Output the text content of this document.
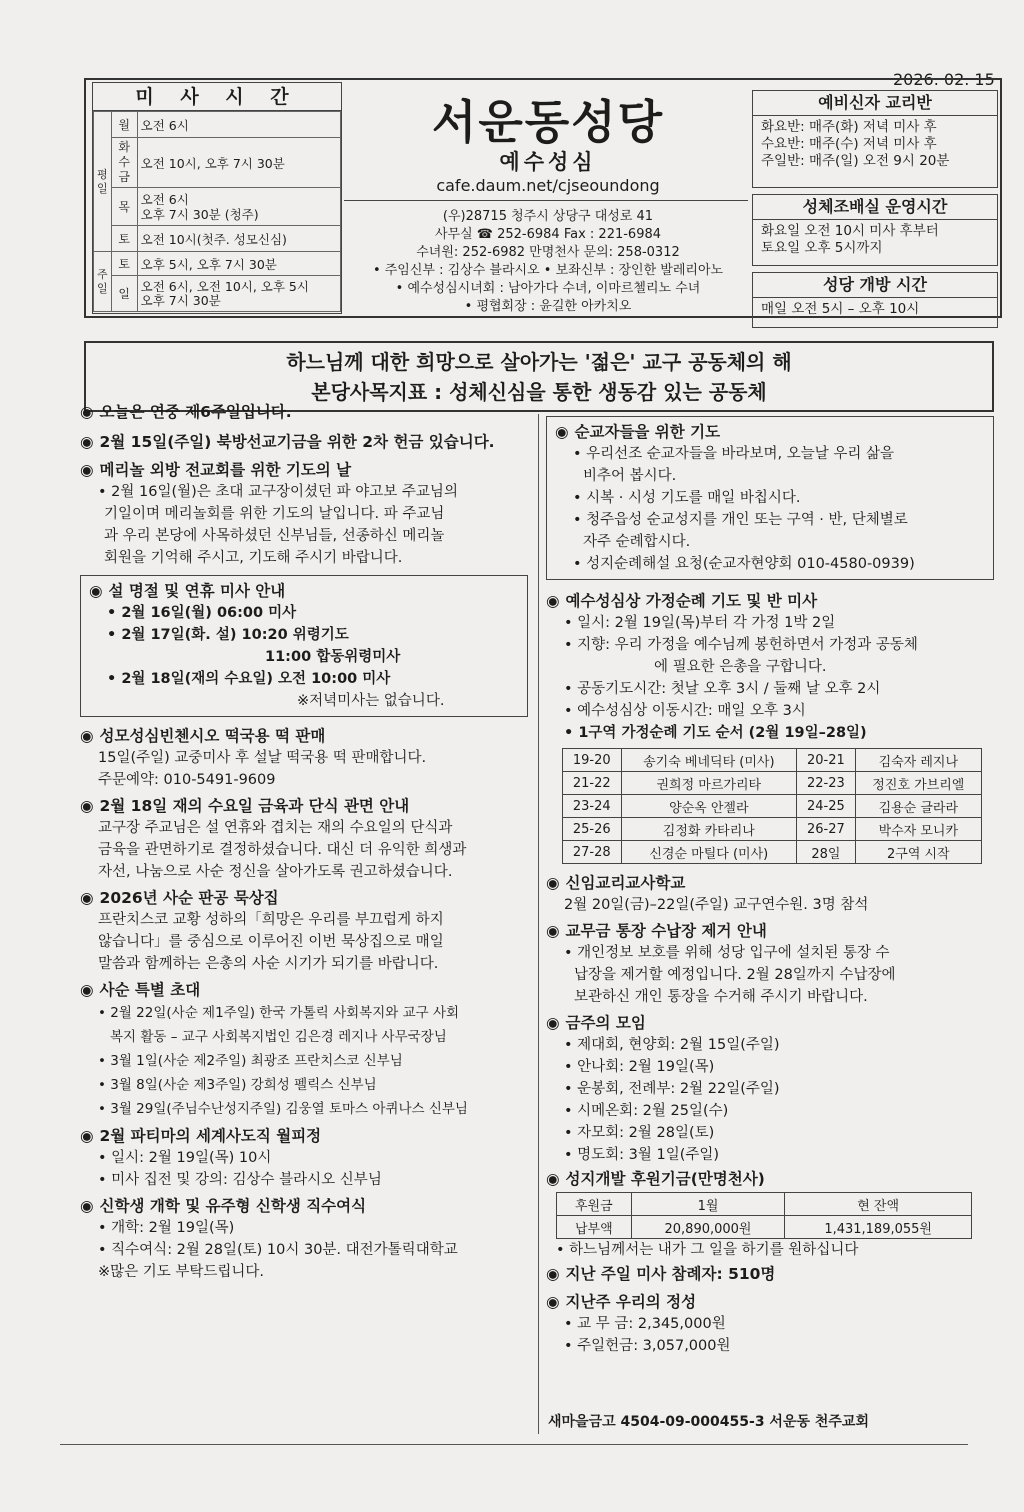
2026. 02. 15
미 사 시 간
평일	월	오전 6시
	화수금	오전 10시, 오후 7시 30분
	목	오전 6시
오후 7시 30분 (청주)
	토	오전 10시(첫주. 성모신심)
주일	토	오후 5시, 오후 7시 30분
	일	오전 6시, 오전 10시, 오후 5시
오후 7시 30분
서운동성당
예수성심
cafe.daum.net/cjseoundong
(우)28715 청주시 상당구 대성로 41
사무실 ☎ 252-6984 Fax : 221-6984
수녀원: 252-6982 만명천사 문의: 258-0312
• 주임신부 : 김상수 블라시오 • 보좌신부 : 장인한 발레리아노
• 예수성심시녀회 : 남아가다 수녀, 이마르첼리노 수녀
• 평협회장 : 윤길한 아카치오
예비신자 교리반
화요반: 매주(화) 저녁 미사 후
수요반: 매주(수) 저녁 미사 후
주일반: 매주(일) 오전 9시 20분
성체조배실 운영시간
화요일 오전 10시 미사 후부터
토요일 오후 5시까지
성당 개방 시간
매일 오전 5시 – 오후 10시
하느님께 대한 희망으로 살아가는 '젊은' 교구 공동체의 해
본당사목지표 : 성체신심을 통한 생동감 있는 공동체
◉ 오늘은 연중 제6주일입니다.
◉ 2월 15일(주일) 북방선교기금을 위한 2차 헌금 있습니다.
◉ 메리놀 외방 전교회를 위한 기도의 날
• 2월 16일(월)은 초대 교구장이셨던 파 야고보 주교님의
기일이며 메리놀회를 위한 기도의 날입니다. 파 주교님
과 우리 본당에 사목하셨던 신부님들, 선종하신 메리놀
회원을 기억해 주시고, 기도해 주시기 바랍니다.
◉ 설 명절 및 연휴 미사 안내
• 2월 16일(월) 06:00 미사
• 2월 17일(화. 설) 10:20 위령기도
11:00 합동위령미사
• 2월 18일(재의 수요일) 오전 10:00 미사
※저녁미사는 없습니다.
◉ 성모성심빈첸시오 떡국용 떡 판매
15일(주일) 교중미사 후 설날 떡국용 떡 판매합니다.
주문예약: 010-5491-9609
◉ 2월 18일 재의 수요일 금육과 단식 관면 안내
교구장 주교님은 설 연휴와 겹치는 재의 수요일의 단식과
금육을 관면하기로 결정하셨습니다. 대신 더 유익한 희생과
자선, 나눔으로 사순 정신을 살아가도록 권고하셨습니다.
◉ 2026년 사순 판공 묵상집
프란치스코 교황 성하의「희망은 우리를 부끄럽게 하지
않습니다」를 중심으로 이루어진 이번 묵상집으로 매일
말씀과 함께하는 은총의 사순 시기가 되기를 바랍니다.
◉ 사순 특별 초대
• 2월 22일(사순 제1주일) 한국 가톨릭 사회복지와 교구 사회
복지 활동 – 교구 사회복지법인 김은경 레지나 사무국장님
• 3월 1일(사순 제2주일) 최광조 프란치스코 신부님
• 3월 8일(사순 제3주일) 강희성 펠릭스 신부님
• 3월 29일(주님수난성지주일) 김웅열 토마스 아퀴나스 신부님
◉ 2월 파티마의 세계사도직 월피정
• 일시: 2월 19일(목) 10시
• 미사 집전 및 강의: 김상수 블라시오 신부님
◉ 신학생 개학 및 유주형 신학생 직수여식
• 개학: 2월 19일(목)
• 직수여식: 2월 28일(토) 10시 30분. 대전가톨릭대학교
※많은 기도 부탁드립니다.
◉ 순교자들을 위한 기도
• 우리선조 순교자들을 바라보며, 오늘날 우리 삶을
비추어 봅시다.
• 시복 · 시성 기도를 매일 바칩시다.
• 청주읍성 순교성지를 개인 또는 구역 · 반, 단체별로
자주 순례합시다.
• 성지순례해설 요청(순교자현양회 010-4580-0939)
◉ 예수성심상 가정순례 기도 및 반 미사
• 일시: 2월 19일(목)부터 각 가정 1박 2일
• 지향: 우리 가정을 예수님께 봉헌하면서 가정과 공동체
에 필요한 은총을 구합니다.
• 공동기도시간: 첫날 오후 3시 / 둘째 날 오후 2시
• 예수성심상 이동시간: 매일 오후 3시
• 1구역 가정순례 기도 순서 (2월 19일–28일)
19-20	송기숙 베네딕타 (미사)	20-21	김숙자 레지나
21-22	권희정 마르가리타	22-23	정진호 가브리엘
23-24	양순옥 안젤라	24-25	김용순 글라라
25-26	김정화 카타리나	26-27	박수자 모니카
27-28	신경순 마틸다 (미사)	28일	2구역 시작
◉ 신임교리교사학교
2월 20일(금)–22일(주일) 교구연수원. 3명 참석
◉ 교무금 통장 수납장 제거 안내
• 개인정보 보호를 위해 성당 입구에 설치된 통장 수
납장을 제거할 예정입니다. 2월 28일까지 수납장에
보관하신 개인 통장을 수거해 주시기 바랍니다.
◉ 금주의 모임
• 제대회, 현양회: 2월 15일(주일)
• 안나회: 2월 19일(목)
• 운봉회, 전례부: 2월 22일(주일)
• 시메온회: 2월 25일(수)
• 자모회: 2월 28일(토)
• 명도회: 3월 1일(주일)
◉ 성지개발 후원기금(만명천사)
후원금	1월	현 잔액
납부액	20,890,000원	1,431,189,055원
• 하느님께서는 내가 그 일을 하기를 원하십니다
◉ 지난 주일 미사 참례자: 510명
◉ 지난주 우리의 정성
• 교 무 금: 2,345,000원
• 주일헌금: 3,057,000원
새마을금고 4504-09-000455-3 서운동 천주교회
